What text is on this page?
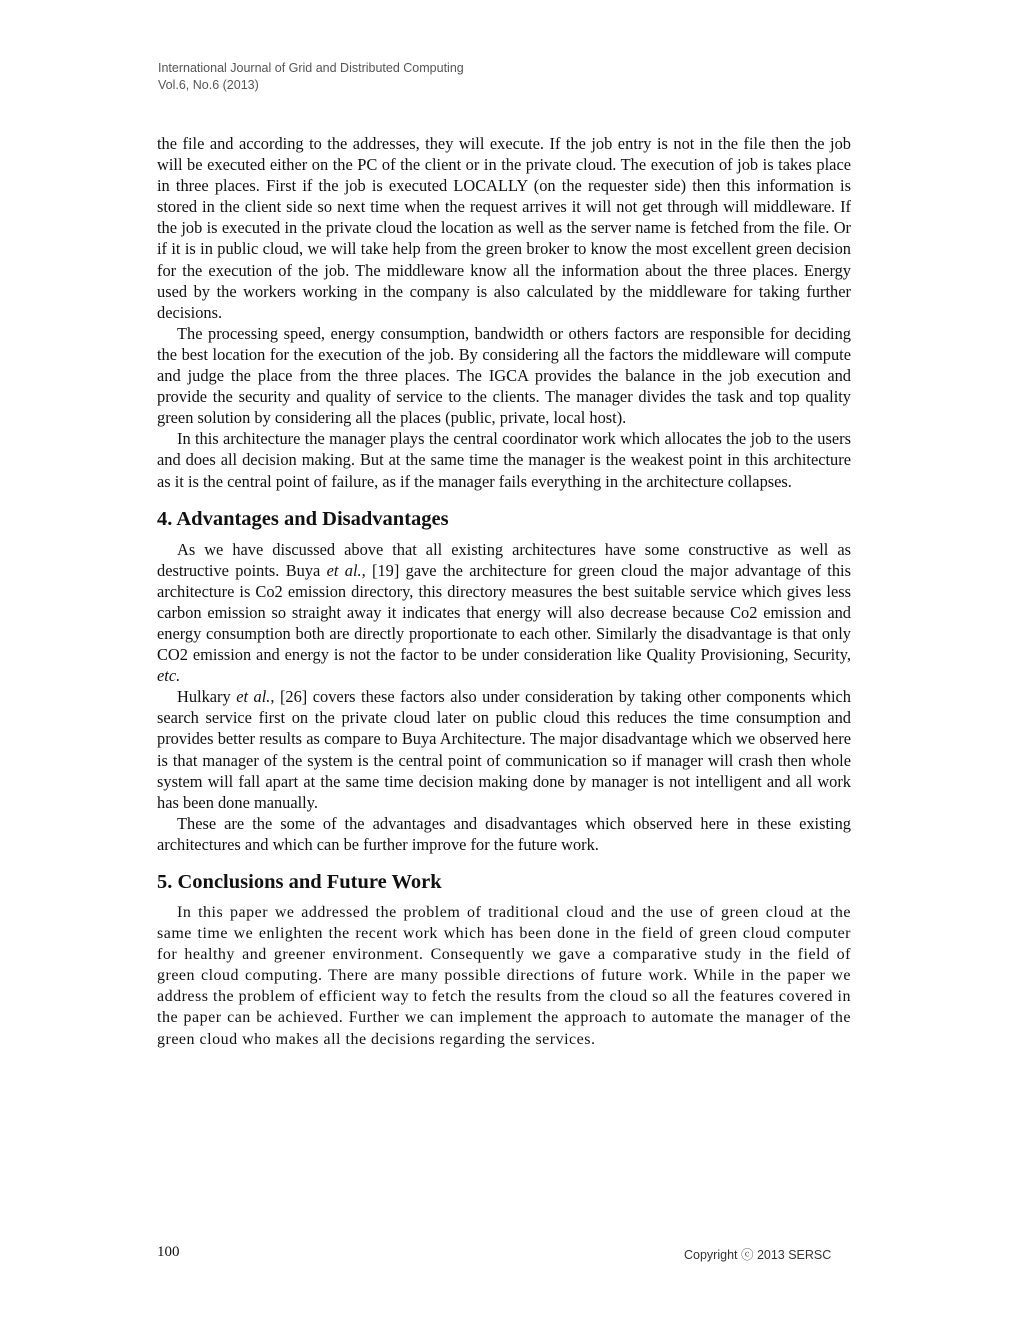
International Journal of Grid and Distributed Computing
Vol.6, No.6 (2013)

the file and according to the addresses, they will execute. If the job entry is not in the file then the job will be executed either on the PC of the client or in the private cloud. The execution of job is takes place in three places. First if the job is executed LOCALLY (on the requester side) then this information is stored in the client side so next time when the request arrives it will not get through will middleware. If the job is executed in the private cloud the location as well as the server name is fetched from the file. Or if it is in public cloud, we will take help from the green broker to know the most excellent green decision for the execution of the job. The middleware know all the information about the three places. Energy used by the workers working in the company is also calculated by the middleware for taking further decisions.

The processing speed, energy consumption, bandwidth or others factors are responsible for deciding the best location for the execution of the job. By considering all the factors the middleware will compute and judge the place from the three places. The IGCA provides the balance in the job execution and provide the security and quality of service to the clients. The manager divides the task and top quality green solution by considering all the places (public, private, local host).

In this architecture the manager plays the central coordinator work which allocates the job to the users and does all decision making. But at the same time the manager is the weakest point in this architecture as it is the central point of failure, as if the manager fails everything in the architecture collapses.

4. Advantages and Disadvantages

As we have discussed above that all existing architectures have some constructive as well as destructive points. Buya et al., [19] gave the architecture for green cloud the major advantage of this architecture is Co2 emission directory, this directory measures the best suitable service which gives less carbon emission so straight away it indicates that energy will also decrease because Co2 emission and energy consumption both are directly proportionate to each other. Similarly the disadvantage is that only CO2 emission and energy is not the factor to be under consideration like Quality Provisioning, Security, etc.

Hulkary et al., [26] covers these factors also under consideration by taking other components which search service first on the private cloud later on public cloud this reduces the time consumption and provides better results as compare to Buya Architecture. The major disadvantage which we observed here is that manager of the system is the central point of communication so if manager will crash then whole system will fall apart at the same time decision making done by manager is not intelligent and all work has been done manually.

These are the some of the advantages and disadvantages which observed here in these existing architectures and which can be further improve for the future work.

5. Conclusions and Future Work

In this paper we addressed the problem of traditional cloud and the use of green cloud at the same time we enlighten the recent work which has been done in the field of green cloud computer for healthy and greener environment. Consequently we gave a comparative study in the field of green cloud computing. There are many possible directions of future work. While in the paper we address the problem of efficient way to fetch the results from the cloud so all the features covered in the paper can be achieved. Further we can implement the approach to automate the manager of the green cloud who makes all the decisions regarding the services.

100	Copyright ⓒ 2013 SERSC
